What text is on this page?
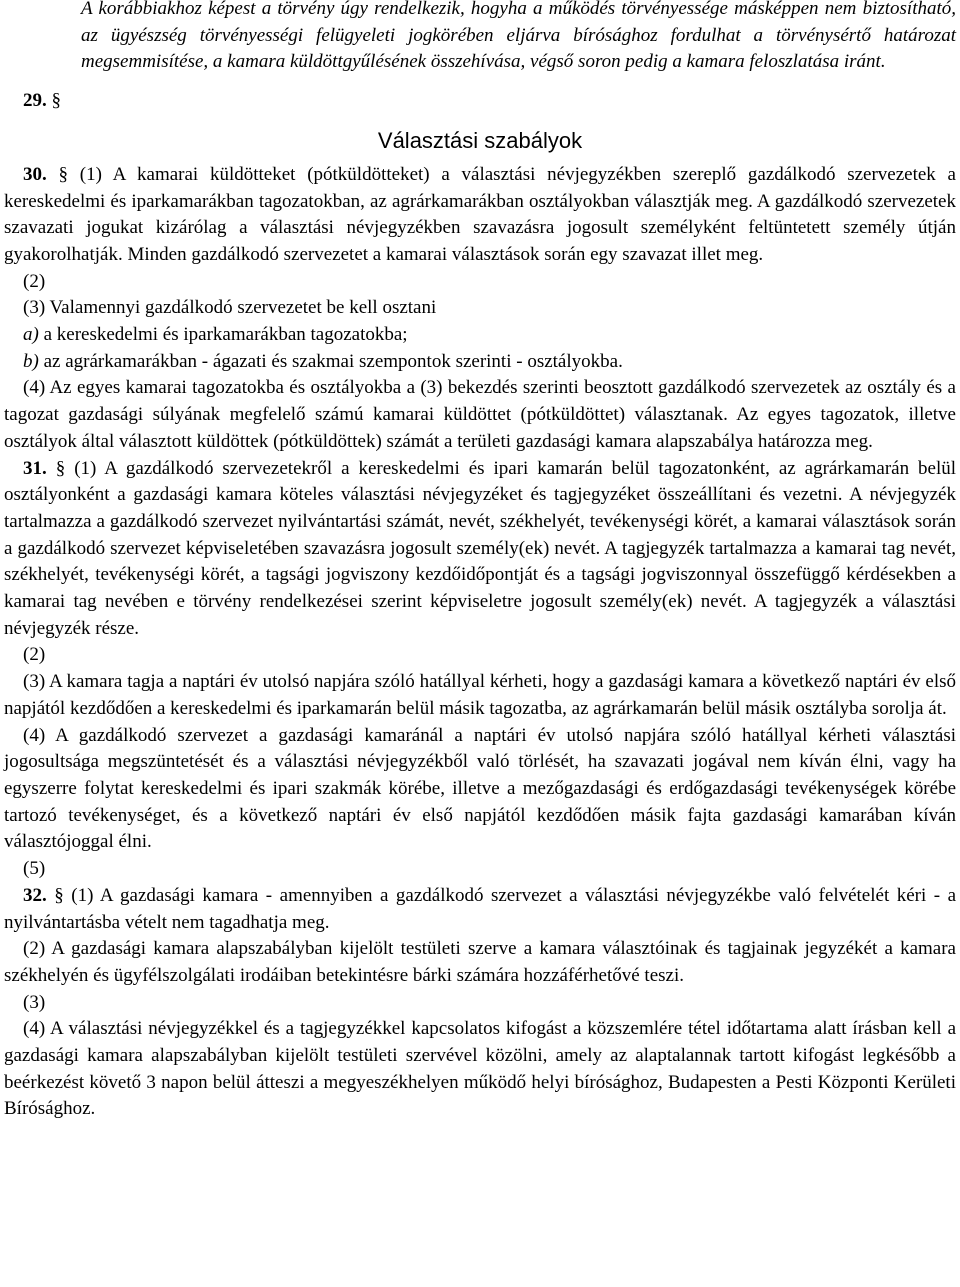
A korábbiakhoz képest a törvény úgy rendelkezik, hogyha a működés törvényessége másképpen nem biztosítható, az ügyészség törvényességi felügyeleti jogkörében eljárva bírósághoz fordulhat a törvénysértő határozat megsemmisítése, a kamara küldöttgyűlésének összehívása, végső soron pedig a kamara feloszlatása iránt.

29. §

Választási szabályok

30. § (1) A kamarai küldötteket (pótküldötteket) a választási névjegyzékben szereplő gazdálkodó szervezetek a kereskedelmi és iparkamarákban tagozatokban, az agrárkamarákban osztályokban választják meg. A gazdálkodó szervezetek szavazati jogukat kizárólag a választási névjegyzékben szavazásra jogosult személyként feltüntetett személy útján gyakorolhatják. Minden gazdálkodó szervezetet a kamarai választások során egy szavazat illet meg.

(2)

(3) Valamennyi gazdálkodó szervezetet be kell osztani

a) a kereskedelmi és iparkamarákban tagozatokba;

b) az agrárkamarákban - ágazati és szakmai szempontok szerinti - osztályokba.

(4) Az egyes kamarai tagozatokba és osztályokba a (3) bekezdés szerinti beosztott gazdálkodó szervezetek az osztály és a tagozat gazdasági súlyának megfelelő számú kamarai küldöttet (pótküldöttet) választanak. Az egyes tagozatok, illetve osztályok által választott küldöttek (pótküldöttek) számát a területi gazdasági kamara alapszabálya határozza meg.

31. § (1) A gazdálkodó szervezetekről a kereskedelmi és ipari kamarán belül tagozatonként, az agrárkamarán belül osztályonként a gazdasági kamara köteles választási névjegyzéket és tagjegyzéket összeállítani és vezetni. A névjegyzék tartalmazza a gazdálkodó szervezet nyilvántartási számát, nevét, székhelyét, tevékenységi körét, a kamarai választások során a gazdálkodó szervezet képviseletében szavazásra jogosult személy(ek) nevét. A tagjegyzék tartalmazza a kamarai tag nevét, székhelyét, tevékenységi körét, a tagsági jogviszony kezdőidőpontját és a tagsági jogviszonnyal összefüggő kérdésekben a kamarai tag nevében e törvény rendelkezései szerint képviseletre jogosult személy(ek) nevét. A tagjegyzék a választási névjegyzék része.

(2)

(3) A kamara tagja a naptári év utolsó napjára szóló hatállyal kérheti, hogy a gazdasági kamara a következő naptári év első napjától kezdődően a kereskedelmi és iparkamarán belül másik tagozatba, az agrárkamarán belül másik osztályba sorolja át.

(4) A gazdálkodó szervezet a gazdasági kamaránál a naptári év utolsó napjára szóló hatállyal kérheti választási jogosultsága megszüntetését és a választási névjegyzékből való törlését, ha szavazati jogával nem kíván élni, vagy ha egyszerre folytat kereskedelmi és ipari szakmák körébe, illetve a mezőgazdasági és erdőgazdasági tevékenységek körébe tartozó tevékenységet, és a következő naptári év első napjától kezdődően másik fajta gazdasági kamarában kíván választójoggal élni.

(5)

32. § (1) A gazdasági kamara - amennyiben a gazdálkodó szervezet a választási névjegyzékbe való felvételét kéri - a nyilvántartásba vételt nem tagadhatja meg.

(2) A gazdasági kamara alapszabályban kijelölt testületi szerve a kamara választóinak és tagjainak jegyzékét a kamara székhelyén és ügyfélszolgálati irodáiban betekintésre bárki számára hozzáférhetővé teszi.

(3)

(4) A választási névjegyzékkel és a tagjegyzékkel kapcsolatos kifogást a közszemlére tétel időtartama alatt írásban kell a gazdasági kamara alapszabályban kijelölt testületi szervével közölni, amely az alaptalannak tartott kifogást legkésőbb a beérkezést követő 3 napon belül átteszi a megyeszékhelyen működő helyi bírósághoz, Budapesten a Pesti Központi Kerületi Bírósághoz.
